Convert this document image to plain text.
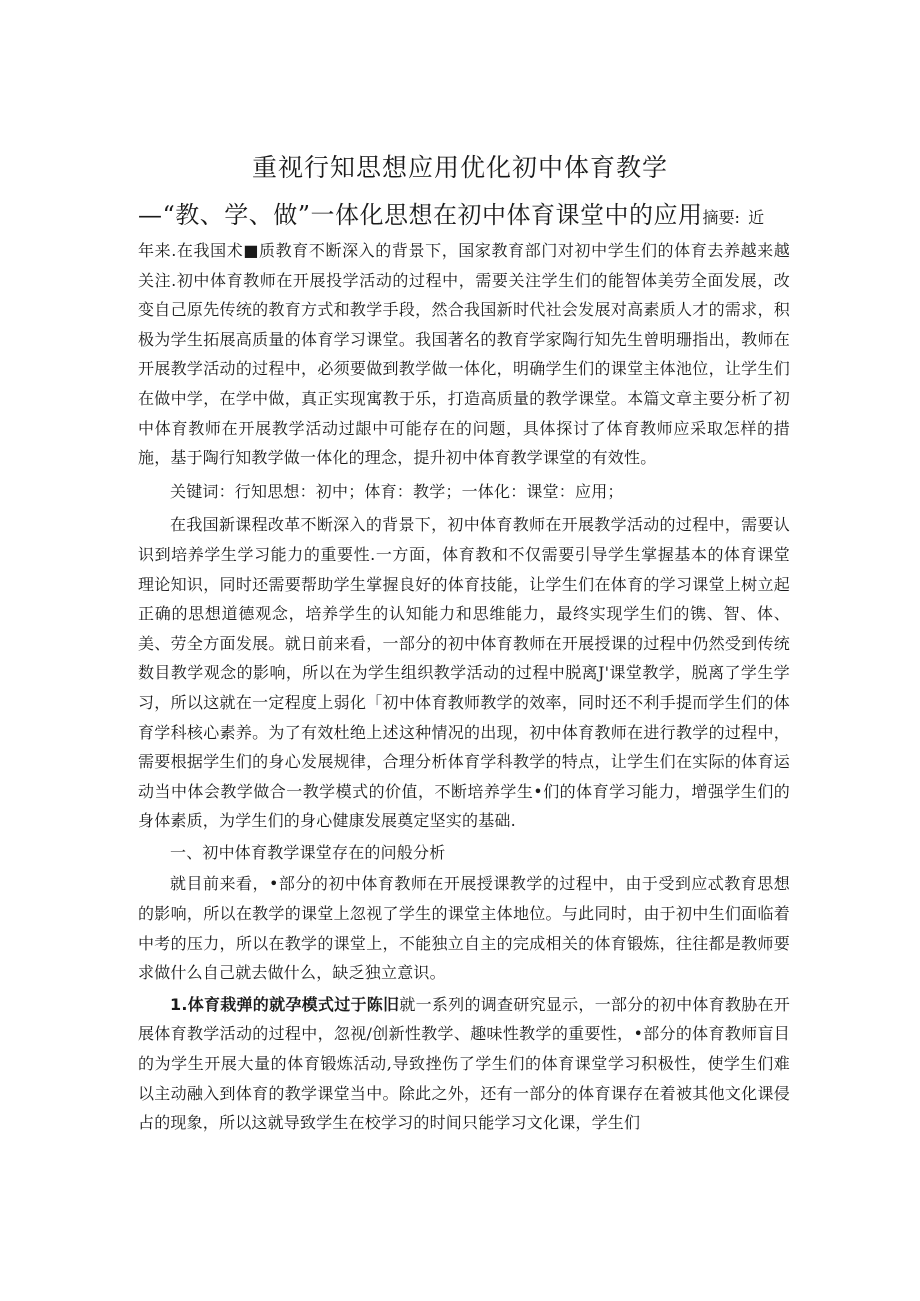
重视行知思想应用优化初中体育教学
—“教、学、做”一体化思想在初中体育课堂中的应用摘要: 近

年来.在我国术■质教育不断深入的背景下，国家教育部门对初中学生们的体育去养越来越关注.初中体育教师在开展投学活动的过程中，需要关注学生们的能智体美劳全面发展，改变自己原先传统的教育方式和教学手段，然合我国新时代社会发展对高素质人才的需求，积极为学生拓展高质量的体育学习课堂。我国著名的教育学家陶行知先生曾明珊指出，教师在开展教学活动的过程中，必须要做到教学做一体化，明确学生们的课堂主体池位，让学生们在做中学，在学中做，真正实现寓教于乐，打造高质量的教学课堂。本篇文章主要分析了初中体育教师在开展教学活动过龈中可能存在的问题，具体探讨了体育教师应采取怎样的措施，基于陶行知教学做一体化的理念，提升初中体育教学课堂的有效性。

关键词：行知思想：初中；体育：教学；一体化：课堂：应用；

在我国新课程改革不断深入的背景下，初中体育教师在开展教学活动的过程中，需要认识到培养学生学习能力的重要性.一方面，体育教和不仅需要引导学生掌握基本的体育课堂理论知识，同时还需要帮助学生掌握良好的体育技能，让学生们在体育的学习课堂上树立起正确的思想道德观念，培养学生的认知能力和思维能力，最终实现学生们的镌、智、体、美、劳全方面发展。就日前来看，一部分的初中体育教师在开展授课的过程中仍然受到传统数目教学观念的影响，所以在为学生组织教学活动的过程中脱离J'课堂教学，脱离了学生学习，所以这就在一定程度上弱化「初中体育教师教学的效率，同时还不利手提而学生们的体育学科核心素养。为了有效杜绝上述这种情况的出现，初中体育教师在进行教学的过程中，需要根据学生们的身心发展规律，合理分析体育学科教学的特点，让学生们在实际的体育运动当中体会教学做合一教学模式的价值，不断培养学生•们的体育学习能力，增强学生们的身体素质，为学生们的身心健康发展奠定坚实的基础.

一、初中体育教学课堂存在的问般分析

就目前来看，•部分的初中体育教师在开展授课教学的过程中，由于受到应忒教育思想的影响，所以在教学的课堂上忽视了学生的课堂主体地位。与此同时，由于初中生们面临着中考的压力，所以在教学的课堂上，不能独立自主的完成相关的体育锻炼，往往都是教师要求做什么自己就去做什么，缺乏独立意识。

1.体育栽弹的就孕模式过于陈旧就一系列的调查研究显示，一部分的初中体育教胁在开展体育教学活动的过程中，忽视/创新性教学、趣味性教学的重要性，•部分的体育教师盲目的为学生开展大量的体育锻炼活动,导致挫伤了学生们的体育课堂学习积极性，使学生们难以主动融入到体育的教学课堂当中。除此之外，还有一部分的体育课存在着被其他文化课侵占的现象，所以这就导致学生在校学习的时间只能学习文化课，学生们
